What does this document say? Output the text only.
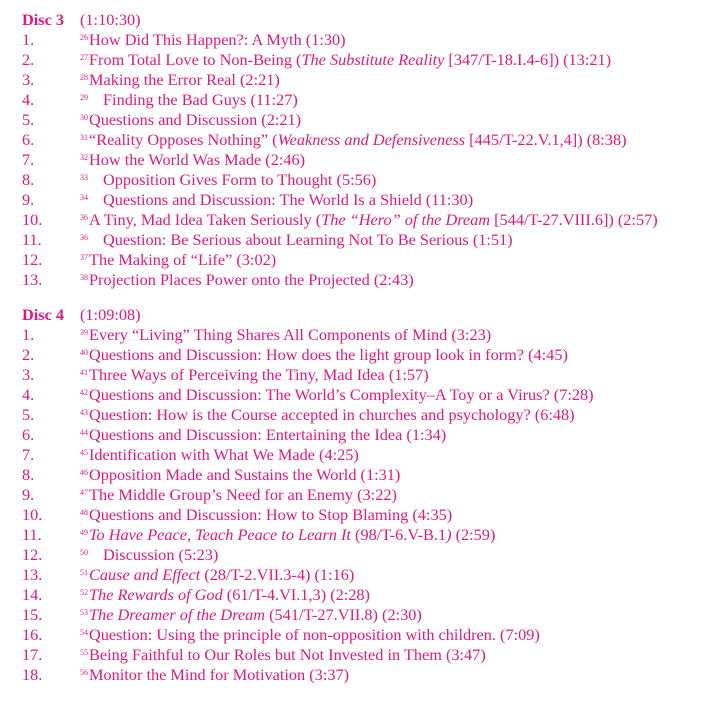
Disc 3 (1:10:30)
1.	$^{26}$How Did This Happen?: A Myth (1:30)
2.	$^{27}$From Total Love to Non-Being (The Substitute Reality [347/T-18.I.4-6]) (13:21)
3.	$^{28}$Making the Error Real (2:21)
4.	$^{29}$ Finding the Bad Guys (11:27)
5.	$^{30}$Questions and Discussion (2:21)
6.	$^{31}$“Reality Opposes Nothing” (Weakness and Defensiveness [445/T-22.V.1,4]) (8:38)
7.	$^{32}$How the World Was Made (2:46)
8.	$^{33}$ Opposition Gives Form to Thought (5:56)
9.	$^{34}$ Questions and Discussion: The World Is a Shield (11:30)
10.	$^{36}$A Tiny, Mad Idea Taken Seriously (The “Hero” of the Dream [544/T-27.VIII.6]) (2:57)
11.	$^{36}$ Question: Be Serious about Learning Not To Be Serious (1:51)
12.	$^{37}$The Making of “Life” (3:02)
13.	$^{38}$Projection Places Power onto the Projected (2:43)
Disc 4 (1:09:08)
1.	$^{39}$Every “Living” Thing Shares All Components of Mind (3:23)
2.	$^{40}$Questions and Discussion: How does the light group look in form? (4:45)
3.	$^{41}$Three Ways of Perceiving the Tiny, Mad Idea (1:57)
4.	$^{42}$Questions and Discussion: The World’s Complexity–A Toy or a Virus? (7:28)
5.	$^{43}$Question: How is the Course accepted in churches and psychology? (6:48)
6.	$^{44}$Questions and Discussion: Entertaining the Idea (1:34)
7.	$^{45}$Identification with What We Made (4:25)
8.	$^{46}$Opposition Made and Sustains the World (1:31)
9.	$^{47}$The Middle Group’s Need for an Enemy (3:22)
10.	$^{48}$Questions and Discussion: How to Stop Blaming (4:35)
11.	$^{49}$To Have Peace, Teach Peace to Learn It (98/T-6.V-B.1) (2:59)
12.	$^{50}$ Discussion (5:23)
13.	$^{51}$Cause and Effect (28/T-2.VII.3-4) (1:16)
14.	$^{52}$The Rewards of God (61/T-4.VI.1,3) (2:28)
15.	$^{53}$The Dreamer of the Dream (541/T-27.VII.8) (2:30)
16.	$^{54}$Question: Using the principle of non-opposition with children. (7:09)
17.	$^{55}$Being Faithful to Our Roles but Not Invested in Them (3:47)
18.	$^{56}$Monitor the Mind for Motivation (3:37)
